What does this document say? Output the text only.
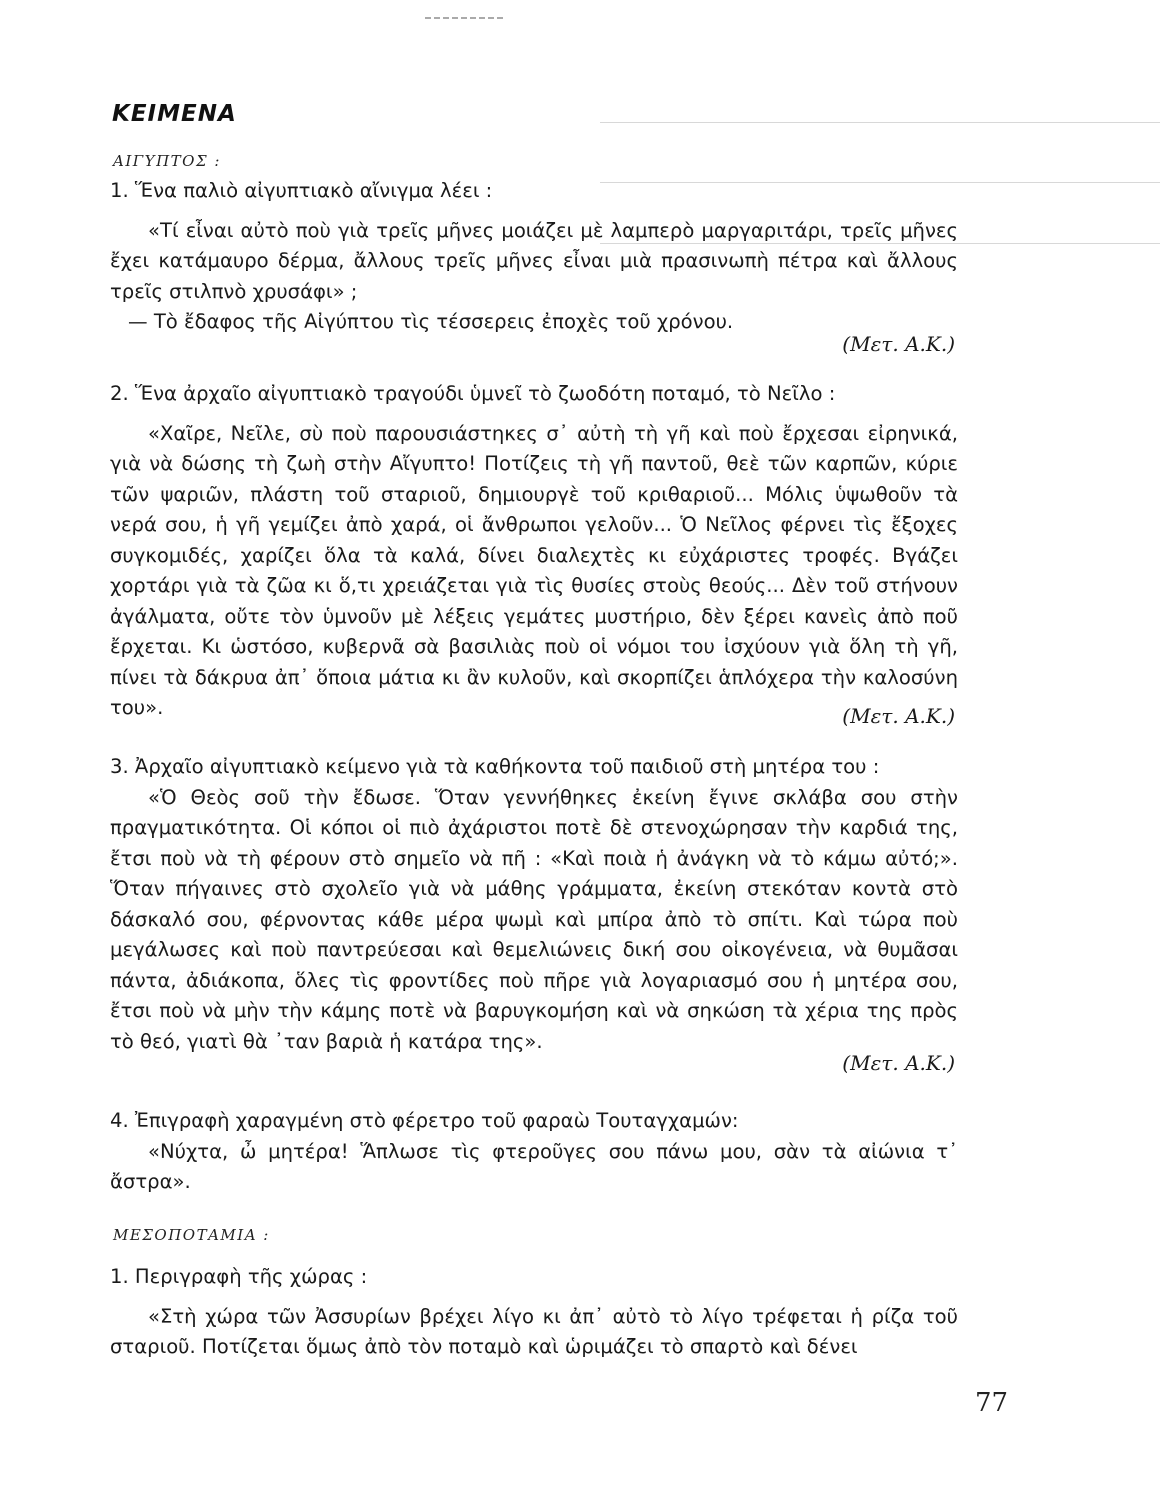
ΚΕΙΜΕΝΑ
ΑΙΓΥΠΤΟΣ :

1. Ἕνα παλιὸ αἰγυπτιακὸ αἴνιγμα λέει :

«Τί εἶναι αὐτὸ ποὺ γιὰ τρεῖς μῆνες μοιάζει μὲ λαμπερὸ μαργαριτάρι, τρεῖς μῆνες ἔχει κατάμαυρο δέρμα, ἄλλους τρεῖς μῆνες εἶναι μιὰ πρασινωπὴ πέτρα καὶ ἄλλους τρεῖς στιλπνὸ χρυσάφι» ;

— Τὸ ἔδαφος τῆς Αἰγύπτου τὶς τέσσερεις ἐποχὲς τοῦ χρόνου.

(Μετ. Α.Κ.)

2. Ἕνα ἀρχαῖο αἰγυπτιακὸ τραγούδι ὑμνεῖ τὸ ζωοδότη ποταμό, τὸ Νεῖλο :

«Χαῖρε, Νεῖλε, σὺ ποὺ παρουσιάστηκες σ᾽ αὐτὴ τὴ γῆ καὶ ποὺ ἔρχεσαι εἰρηνικά, γιὰ νὰ δώσης τὴ ζωὴ στὴν Αἴγυπτο! Ποτίζεις τὴ γῆ παντοῦ, θεὲ τῶν καρπῶν, κύριε τῶν ψαριῶν, πλάστη τοῦ σταριοῦ, δημιουργὲ τοῦ κριθαριοῦ... Μόλις ὑψωθοῦν τὰ νερά σου, ἡ γῆ γεμίζει ἀπὸ χαρά, οἱ ἄνθρωποι γελοῦν... Ὁ Νεῖλος φέρνει τὶς ἔξοχες συγκομιδές, χαρίζει ὅλα τὰ καλά, δίνει διαλεχτὲς κι εὐχάριστες τροφές. Βγάζει χορτάρι γιὰ τὰ ζῶα κι ὅ,τι χρειάζεται γιὰ τὶς θυσίες στοὺς θεούς... Δὲν τοῦ στήνουν ἀγάλματα, οὔτε τὸν ὑμνοῦν μὲ λέξεις γεμάτες μυστήριο, δὲν ξέρει κανεὶς ἀπὸ ποῦ ἔρχεται. Κι ὡστόσο, κυβερνᾶ σὰ βασιλιὰς ποὺ οἱ νόμοι του ἰσχύουν γιὰ ὅλη τὴ γῆ, πίνει τὰ δάκρυα ἀπ᾽ ὅποια μάτια κι ἂν κυλοῦν, καὶ σκορπίζει ἁπλόχερα τὴν καλοσύνη του».	(Μετ. Α.Κ.)

3. Ἀρχαῖο αἰγυπτιακὸ κείμενο γιὰ τὰ καθήκοντα τοῦ παιδιοῦ στὴ μητέρα του :

«Ὁ Θεὸς σοῦ τὴν ἔδωσε. Ὅταν γεννήθηκες ἐκείνη ἔγινε σκλάβα σου στὴν πραγματικότητα. Οἱ κόποι οἱ πιὸ ἀχάριστοι ποτὲ δὲ στενοχώρησαν τὴν καρδιά της, ἔτσι ποὺ νὰ τὴ φέρουν στὸ σημεῖο νὰ πῆ : «Καὶ ποιὰ ἡ ἀνάγκη νὰ τὸ κάμω αὐτό;». Ὅταν πήγαινες στὸ σχολεῖο γιὰ νὰ μάθης γράμματα, ἐκείνη στεκόταν κοντὰ στὸ δάσκαλό σου, φέρνοντας κάθε μέρα ψωμὶ καὶ μπίρα ἀπὸ τὸ σπίτι. Καὶ τώρα ποὺ μεγάλωσες καὶ ποὺ παντρεύεσαι καὶ θεμελιώνεις δική σου οἰκογένεια, νὰ θυμᾶσαι πάντα, ἀδιάκοπα, ὅλες τὶς φροντίδες ποὺ πῆρε γιὰ λογαριασμό σου ἡ μητέρα σου, ἔτσι ποὺ νὰ μὴν τὴν κάμης ποτὲ νὰ βαρυγκομήση καὶ νὰ σηκώση τὰ χέρια της πρὸς τὸ θεό, γιατὶ θὰ ᾽ταν βαριὰ ἡ κατάρα της».

(Μετ. Α.Κ.)

4. Ἐπιγραφὴ χαραγμένη στὸ φέρετρο τοῦ φαραὼ Τουταγχαμών:

«Νύχτα, ὦ μητέρα! Ἅπλωσε τὶς φτεροῦγες σου πάνω μου, σὰν τὰ αἰώνια τ᾽ ἄστρα».

ΜΕΣΟΠΟΤΑΜΙΑ :

1. Περιγραφὴ τῆς χώρας :

«Στὴ χώρα τῶν Ἀσσυρίων βρέχει λίγο κι ἀπ᾽ αὐτὸ τὸ λίγο τρέφεται ἡ ρίζα τοῦ σταριοῦ. Ποτίζεται ὅμως ἀπὸ τὸν ποταμὸ καὶ ὡριμάζει τὸ σπαρτὸ καὶ δένει

77
